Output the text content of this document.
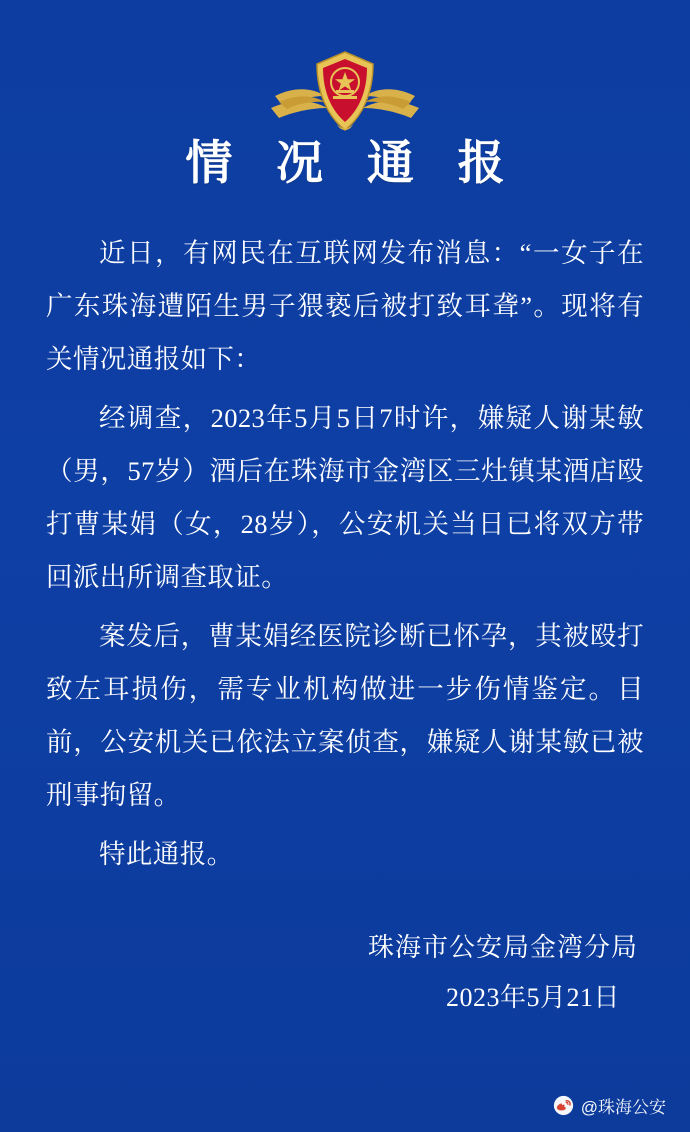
情 况 通 报

近日，有网民在互联网发布消息：“一女子在广东珠海遭陌生男子猥亵后被打致耳聋”。现将有关情况通报如下：

经调查，2023年5月5日7时许，嫌疑人谢某敏（男，57岁）酒后在珠海市金湾区三灶镇某酒店殴打曹某娟（女，28岁），公安机关当日已将双方带回派出所调查取证。

案发后，曹某娟经医院诊断已怀孕，其被殴打致左耳损伤，需专业机构做进一步伤情鉴定。目前，公安机关已依法立案侦查，嫌疑人谢某敏已被刑事拘留。

特此通报。

珠海市公安局金湾分局
2023年5月21日
@珠海公安
